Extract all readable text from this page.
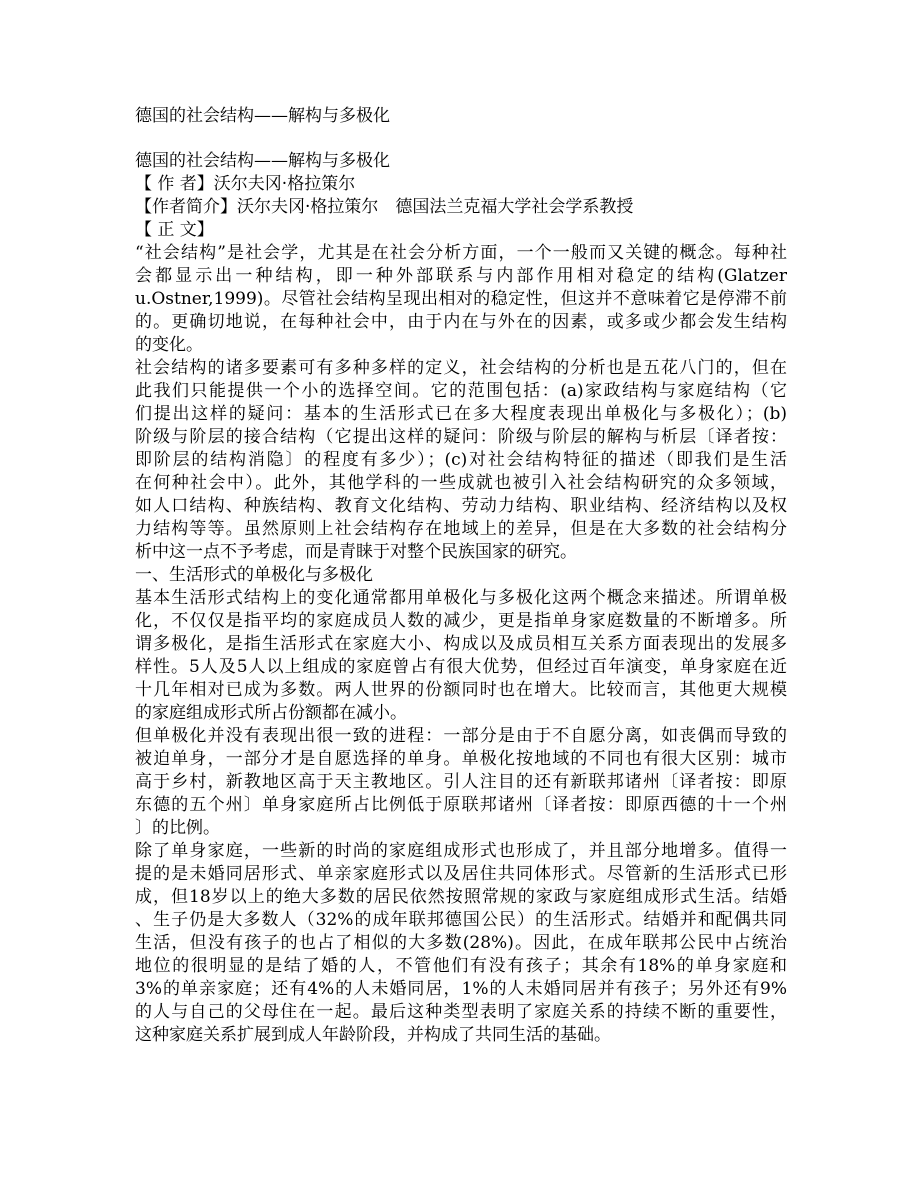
德国的社会结构——解构与多极化

德国的社会结构——解构与多极化

【 作 者】沃尔夫冈·格拉策尔

【作者简介】沃尔夫冈·格拉策尔　德国法兰克福大学社会学系教授

【 正 文】

“社会结构”是社会学，尤其是在社会分析方面，一个一般而又关键的概念。每种社

会都显示出一种结构，即一种外部联系与内部作用相对稳定的结构(Glatzer

u.Ostner,1999)。尽管社会结构呈现出相对的稳定性，但这并不意味着它是停滞不前

的。更确切地说，在每种社会中，由于内在与外在的因素，或多或少都会发生结构

的变化。

社会结构的诸多要素可有多种多样的定义，社会结构的分析也是五花八门的，但在

此我们只能提供一个小的选择空间。它的范围包括：(a)家政结构与家庭结构（它

们提出这样的疑问：基本的生活形式已在多大程度表现出单极化与多极化）；(b)

阶级与阶层的接合结构（它提出这样的疑问：阶级与阶层的解构与析层〔译者按：

即阶层的结构消隐〕的程度有多少）；(c)对社会结构特征的描述（即我们是生活

在何种社会中）。此外，其他学科的一些成就也被引入社会结构研究的众多领域，

如人口结构、种族结构、教育文化结构、劳动力结构、职业结构、经济结构以及权

力结构等等。虽然原则上社会结构存在地域上的差异，但是在大多数的社会结构分

析中这一点不予考虑，而是青睐于对整个民族国家的研究。

一、生活形式的单极化与多极化

基本生活形式结构上的变化通常都用单极化与多极化这两个概念来描述。所谓单极

化，不仅仅是指平均的家庭成员人数的减少，更是指单身家庭数量的不断增多。所

谓多极化，是指生活形式在家庭大小、构成以及成员相互关系方面表现出的发展多

样性。5人及5人以上组成的家庭曾占有很大优势，但经过百年演变，单身家庭在近

十几年相对已成为多数。两人世界的份额同时也在增大。比较而言，其他更大规模

的家庭组成形式所占份额都在减小。

但单极化并没有表现出很一致的进程：一部分是由于不自愿分离，如丧偶而导致的

被迫单身，一部分才是自愿选择的单身。单极化按地域的不同也有很大区别：城市

高于乡村，新教地区高于天主教地区。引人注目的还有新联邦诸州〔译者按：即原

东德的五个州〕单身家庭所占比例低于原联邦诸州〔译者按：即原西德的十一个州

〕的比例。

除了单身家庭，一些新的时尚的家庭组成形式也形成了，并且部分地增多。值得一

提的是未婚同居形式、单亲家庭形式以及居住共同体形式。尽管新的生活形式已形

成，但18岁以上的绝大多数的居民依然按照常规的家政与家庭组成形式生活。结婚

、生子仍是大多数人（32%的成年联邦德国公民）的生活形式。结婚并和配偶共同

生活，但没有孩子的也占了相似的大多数(28%)。因此，在成年联邦公民中占统治

地位的很明显的是结了婚的人，不管他们有没有孩子；其余有18%的单身家庭和

3%的单亲家庭；还有4%的人未婚同居，1%的人未婚同居并有孩子；另外还有9%

的人与自己的父母住在一起。最后这种类型表明了家庭关系的持续不断的重要性，

这种家庭关系扩展到成人年龄阶段，并构成了共同生活的基础。
